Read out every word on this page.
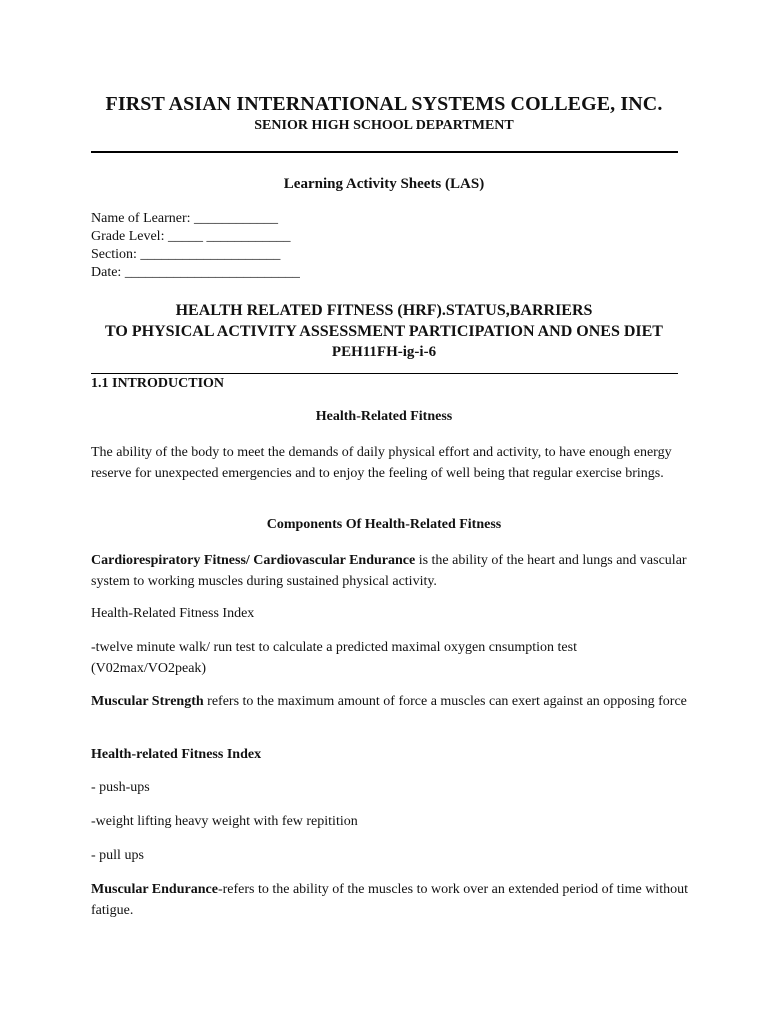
FIRST ASIAN INTERNATIONAL SYSTEMS COLLEGE, INC.
SENIOR HIGH SCHOOL DEPARTMENT
Learning Activity Sheets (LAS)
Name of Learner: ____________
Grade Level: _____ ____________
Section: ____________________
Date: _________________________
HEALTH RELATED FITNESS (HRF).STATUS,BARRIERS
TO PHYSICAL ACTIVITY ASSESSMENT PARTICIPATION AND ONES DIET
PEH11FH-ig-i-6
1.1 INTRODUCTION
Health-Related Fitness
The ability of the body to meet the demands of daily physical effort and activity, to have enough energy reserve for unexpected emergencies and to enjoy the feeling of well being that regular exercise brings.
Components Of Health-Related Fitness
Cardiorespiratory Fitness/ Cardiovascular Endurance is the ability of the heart and lungs and vascular system to working muscles during sustained physical activity.
Health-Related Fitness Index
-twelve minute walk/ run test to calculate a predicted maximal oxygen cnsumption test (V02max/VO2peak)
Muscular Strength refers to the maximum amount of force a muscles can exert against an opposing force
Health-related Fitness Index
- push-ups
-weight lifting heavy weight with few repitition
- pull ups
Muscular Endurance-refers to the ability of the muscles to work over an extended period of time without fatigue.
